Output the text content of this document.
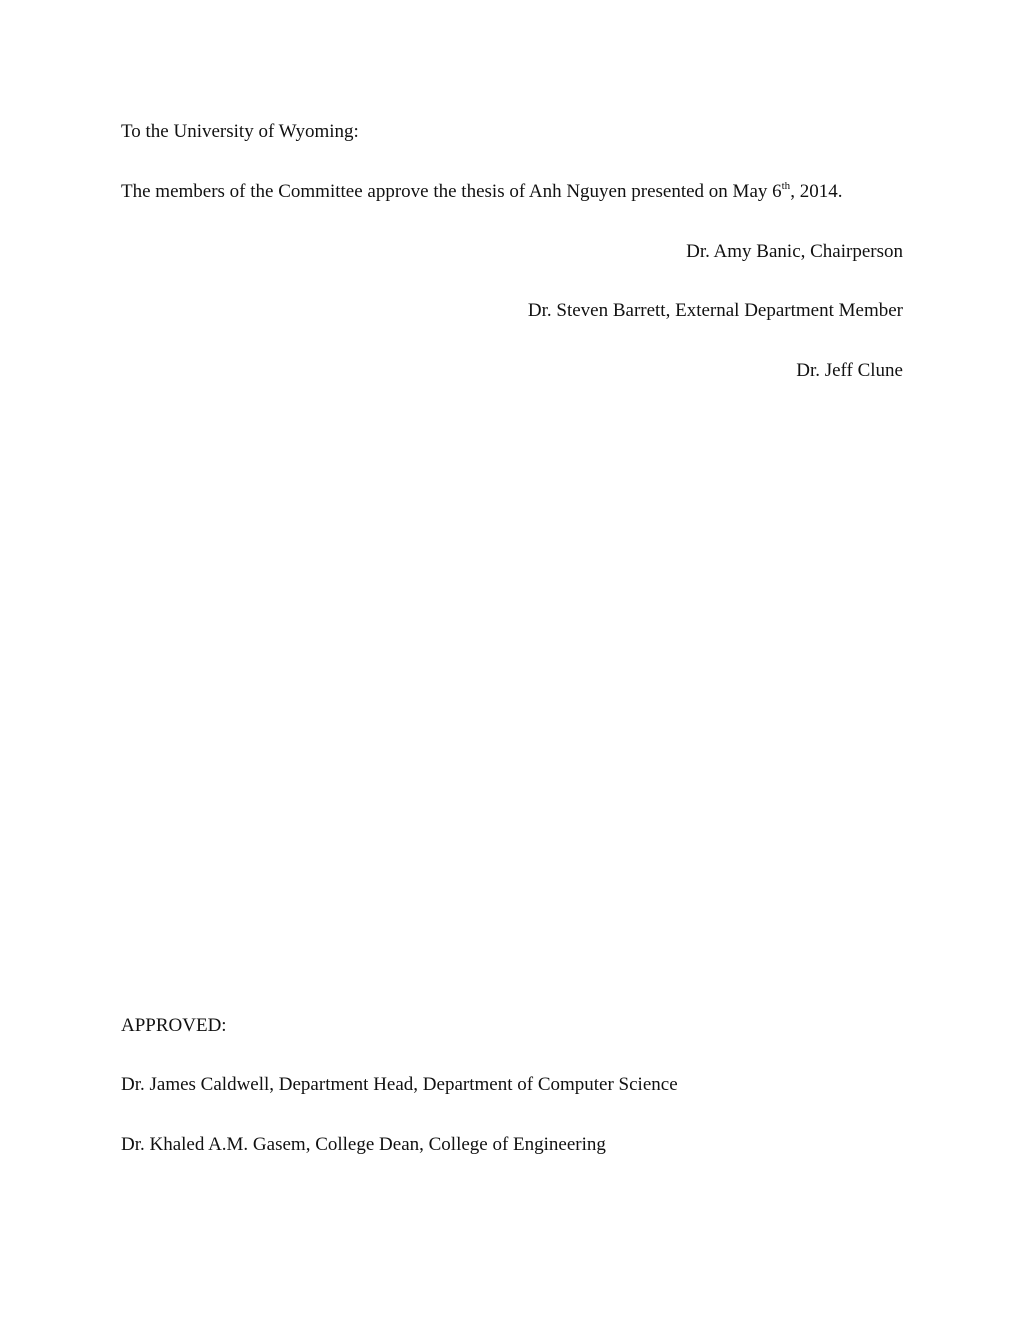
To the University of Wyoming:
The members of the Committee approve the thesis of Anh Nguyen presented on May 6th, 2014.
Dr. Amy Banic, Chairperson
Dr. Steven Barrett, External Department Member
Dr. Jeff Clune
APPROVED:
Dr. James Caldwell, Department Head, Department of Computer Science
Dr. Khaled A.M. Gasem, College Dean, College of Engineering
